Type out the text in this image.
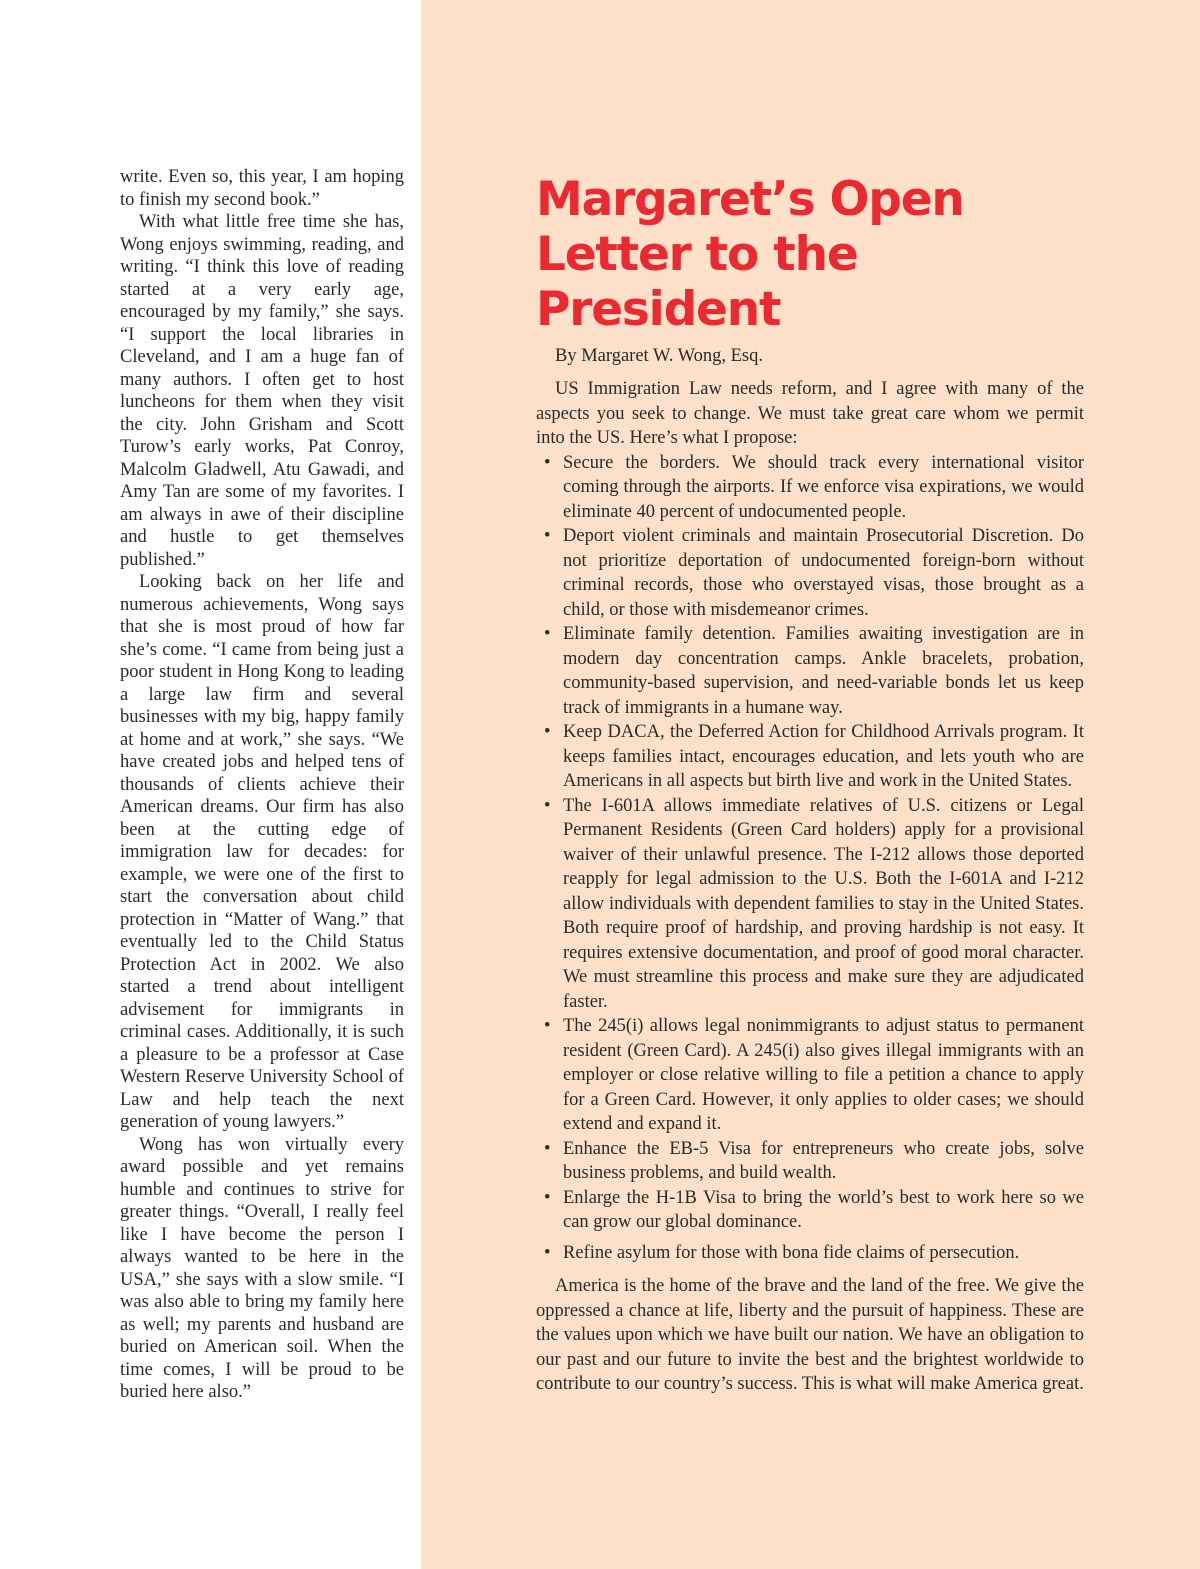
write. Even so, this year, I am hoping to finish my second book.”

With what little free time she has, Wong enjoys swimming, reading, and writing. “I think this love of reading started at a very early age, encouraged by my family,” she says. “I support the local libraries in Cleveland, and I am a huge fan of many authors. I often get to host luncheons for them when they visit the city. John Grisham and Scott Turow’s early works, Pat Conroy, Malcolm Gladwell, Atu Gawadi, and Amy Tan are some of my favorites. I am always in awe of their discipline and hustle to get themselves published.”

Looking back on her life and numerous achievements, Wong says that she is most proud of how far she’s come. “I came from being just a poor student in Hong Kong to leading a large law firm and several businesses with my big, happy family at home and at work,” she says. “We have created jobs and helped tens of thousands of clients achieve their American dreams. Our firm has also been at the cutting edge of immigration law for decades: for example, we were one of the first to start the conversation about child protection in “Matter of Wang.” that eventually led to the Child Status Protection Act in 2002. We also started a trend about intelligent advisement for immigrants in criminal cases. Additionally, it is such a pleasure to be a professor at Case Western Reserve University School of Law and help teach the next generation of young lawyers.”

Wong has won virtually every award possible and yet remains humble and continues to strive for greater things. “Overall, I really feel like I have become the person I always wanted to be here in the USA,” she says with a slow smile. “I was also able to bring my family here as well; my parents and husband are buried on American soil. When the time comes, I will be proud to be buried here also.”

Margaret’s Open
Letter to the President
By Margaret W. Wong, Esq.

US Immigration Law needs reform, and I agree with many of the aspects you seek to change. We must take great care whom we permit into the US. Here’s what I propose:

• Secure the borders. We should track every international visitor coming through the airports. If we enforce visa expirations, we would eliminate 40 percent of undocumented people.
• Deport violent criminals and maintain Prosecutorial Discretion. Do not prioritize deportation of undocumented foreign-born without criminal records, those who overstayed visas, those brought as a child, or those with misdemeanor crimes.
• Eliminate family detention. Families awaiting investigation are in modern day concentration camps. Ankle bracelets, probation, community-based supervision, and need-variable bonds let us keep track of immigrants in a humane way.
• Keep DACA, the Deferred Action for Childhood Arrivals program. It keeps families intact, encourages education, and lets youth who are Americans in all aspects but birth live and work in the United States.
• The I-601A allows immediate relatives of U.S. citizens or Legal Permanent Residents (Green Card holders) apply for a provisional waiver of their unlawful presence. The I-212 allows those deported reapply for legal admission to the U.S. Both the I-601A and I-212 allow individuals with dependent families to stay in the United States. Both require proof of hardship, and proving hardship is not easy. It requires extensive documentation, and proof of good moral character. We must streamline this process and make sure they are adjudicated faster.
• The 245(i) allows legal nonimmigrants to adjust status to permanent resident (Green Card). A 245(i) also gives illegal immigrants with an employer or close relative willing to file a petition a chance to apply for a Green Card. However, it only applies to older cases; we should extend and expand it.
• Enhance the EB-5 Visa for entrepreneurs who create jobs, solve business problems, and build wealth.
• Enlarge the H-1B Visa to bring the world’s best to work here so we can grow our global dominance.
• Refine asylum for those with bona fide claims of persecution.

America is the home of the brave and the land of the free. We give the oppressed a chance at life, liberty and the pursuit of happiness. These are the values upon which we have built our nation. We have an obligation to our past and our future to invite the best and the brightest worldwide to contribute to our country’s success. This is what will make America great.
